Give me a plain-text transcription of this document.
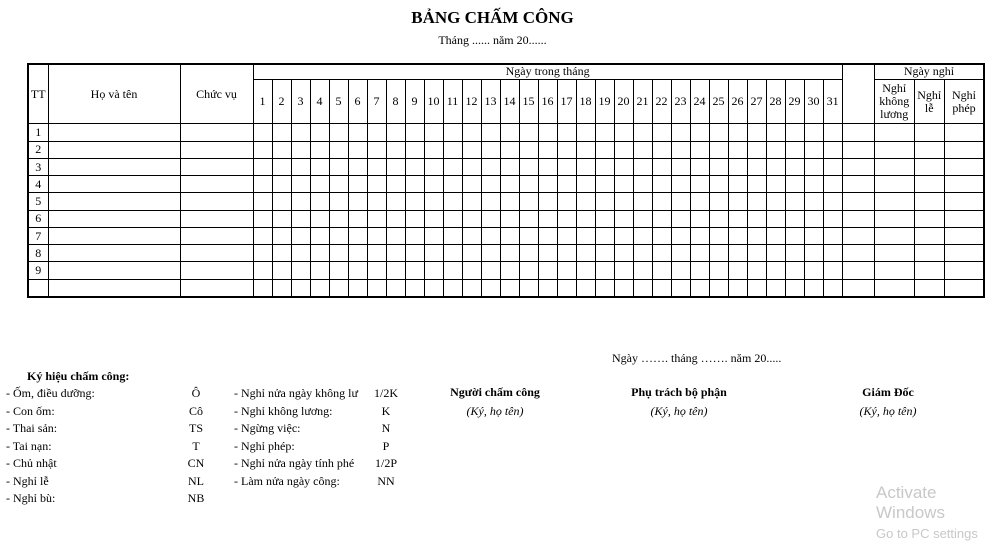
BẢNG CHẤM CÔNG
Tháng ...... năm 20......
TT	Họ và tên	Chức vụ	Ngày trong tháng																																Ngày nghỉ		
			1	2	3	4	5	6	7	8	9	10	11	12	13	14	15	16	17	18	19	20	21	22	23	24	25	26	27	28	29	30	31		Nghỉ không lương	Nghỉ lễ	Nghỉ phép
1																																					
2																																					
3																																					
4																																					
5																																					
6																																					
7																																					
8																																					
9																																					

Ngày ……. tháng ……. năm 20.....
Ký hiệu chấm công:
- Ốm, điều dưỡng:	Ô
- Con ốm:	Cô
- Thai sản:	TS
- Tai nạn:	T
- Chủ nhật	CN
- Nghỉ lễ	NL
- Nghỉ bù:	NB
- Nghỉ nửa ngày không lư	1/2K
- Nghỉ không lương:	K
- Ngừng việc:	N
- Nghỉ phép:	P
- Nghỉ nửa ngày tính phé	1/2P
- Làm nửa ngày công:	NN
Người chấm công
(Ký, họ tên)
Phụ trách bộ phận
(Ký, họ tên)
Giám Đốc
(Ký, họ tên)
Activate Windows
Go to PC settings
